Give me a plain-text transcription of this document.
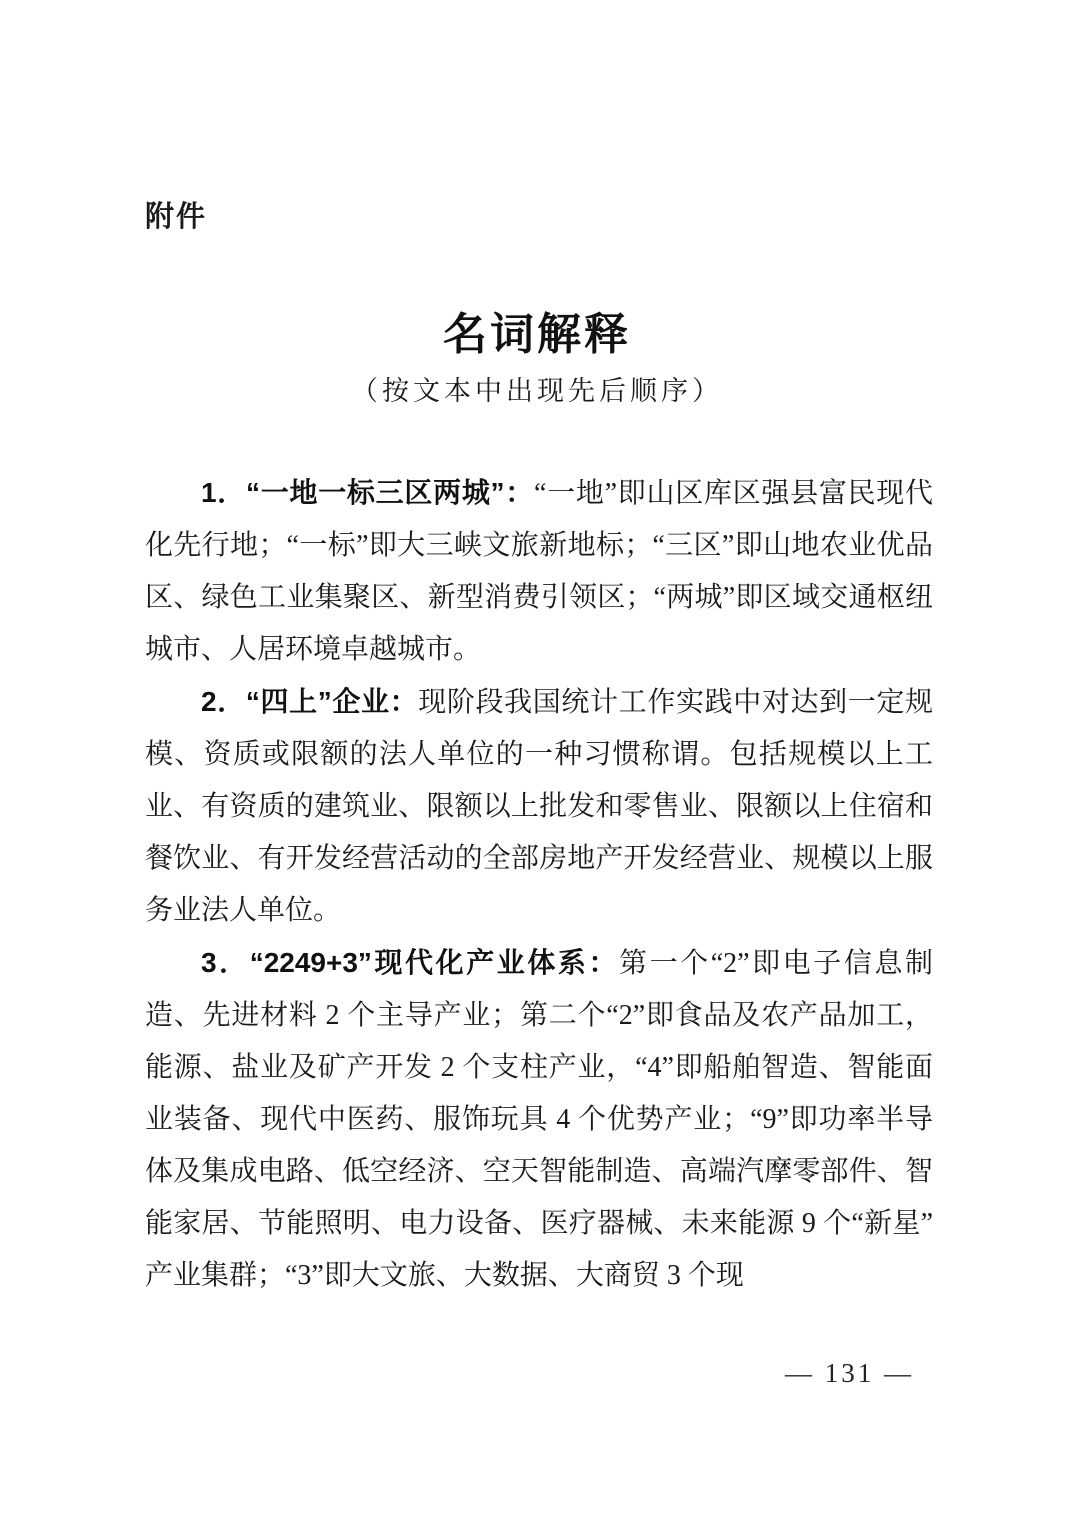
附件
名词解释
（按文本中出现先后顺序）

1．“一地一标三区两城”：“一地”即山区库区强县富民现代化先行地；“一标”即大三峡文旅新地标；“三区”即山地农业优品区、绿色工业集聚区、新型消费引领区；“两城”即区域交通枢纽城市、人居环境卓越城市。

2．“四上”企业：现阶段我国统计工作实践中对达到一定规模、资质或限额的法人单位的一种习惯称谓。包括规模以上工业、有资质的建筑业、限额以上批发和零售业、限额以上住宿和餐饮业、有开发经营活动的全部房地产开发经营业、规模以上服务业法人单位。

3．“2249+3”现代化产业体系：第一个“2”即电子信息制造、先进材料 2 个主导产业；第二个“2”即食品及农产品加工，能源、盐业及矿产开发 2 个支柱产业，“4”即船舶智造、智能面业装备、现代中医药、服饰玩具 4 个优势产业；“9”即功率半导体及集成电路、低空经济、空天智能制造、高端汽摩零部件、智能家居、节能照明、电力设备、医疗器械、未来能源 9 个“新星”产业集群；“3”即大文旅、大数据、大商贸 3 个现

— 131 —
